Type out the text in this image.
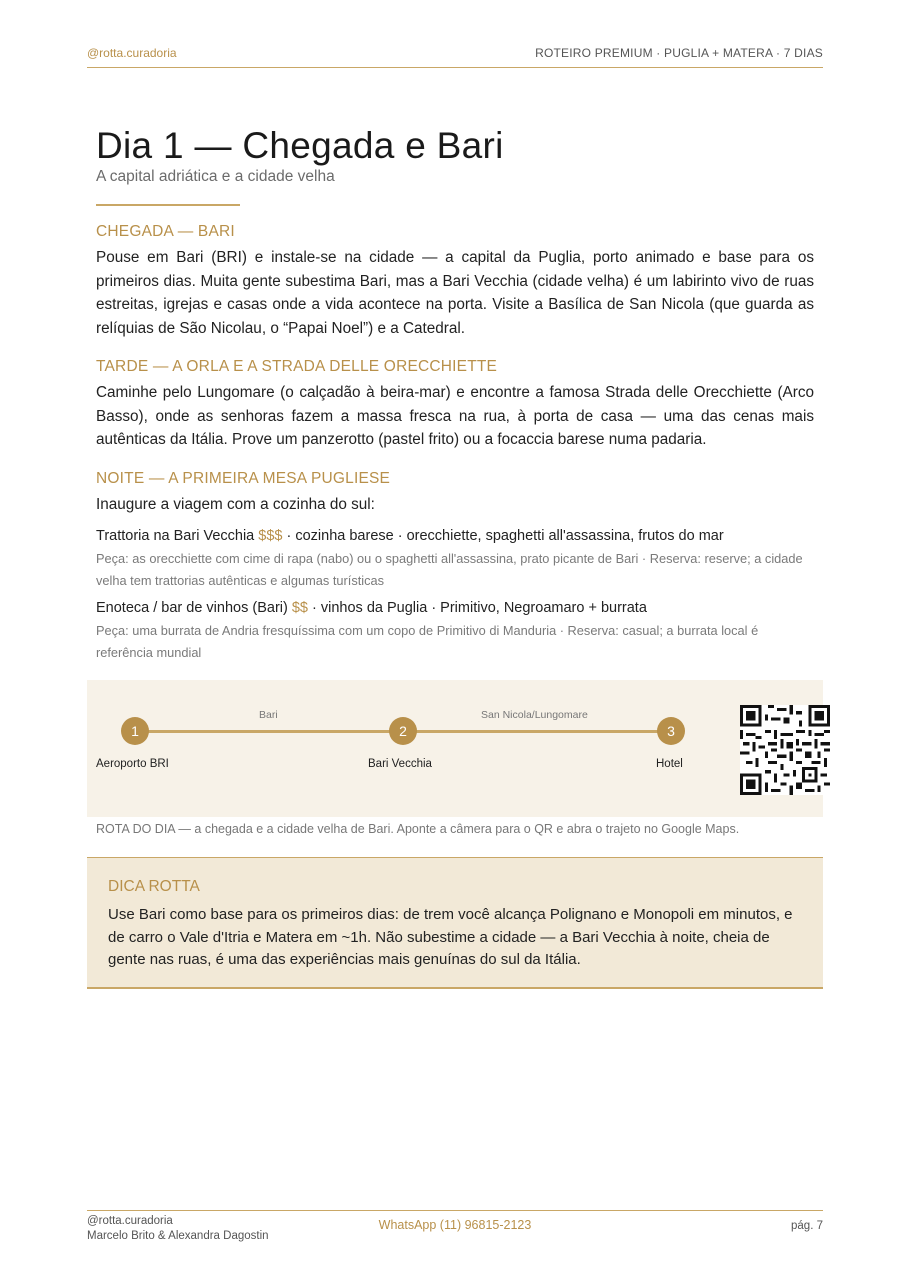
@rotta.curadoria	ROTEIRO PREMIUM · PUGLIA + MATERA · 7 DIAS
Dia 1 — Chegada e Bari
A capital adriática e a cidade velha
CHEGADA — BARI

Pouse em Bari (BRI) e instale-se na cidade — a capital da Puglia, porto animado e base para os primeiros dias. Muita gente subestima Bari, mas a Bari Vecchia (cidade velha) é um labirinto vivo de ruas estreitas, igrejas e casas onde a vida acontece na porta. Visite a Basílica de San Nicola (que guarda as relíquias de São Nicolau, o “Papai Noel”) e a Catedral.

TARDE — A ORLA E A STRADA DELLE ORECCHIETTE

Caminhe pelo Lungomare (o calçadão à beira-mar) e encontre a famosa Strada delle Orecchiette (Arco Basso), onde as senhoras fazem a massa fresca na rua, à porta de casa — uma das cenas mais autênticas da Itália. Prove um panzerotto (pastel frito) ou a focaccia barese numa padaria.

NOITE — A PRIMEIRA MESA PUGLIESE

Inaugure a viagem com a cozinha do sul:

Trattoria na Bari Vecchia $$$ · cozinha barese · orecchiette, spaghetti all'assassina, frutos do mar
Peça: as orecchiette com cime di rapa (nabo) ou o spaghetti all'assassina, prato picante de Bari · Reserva: reserve; a cidade velha tem trattorias autênticas e algumas turísticas
Enoteca / bar de vinhos (Bari) $$ · vinhos da Puglia · Primitivo, Negroamaro + burrata
Peça: uma burrata de Andria fresquíssima com um copo de Primitivo di Manduria · Reserva: casual; a burrata local é referência mundial
Bari	San Nicola/Lungomare
1	2	3
Aeroporto BRI	Bari Vecchia	Hotel
ROTA DO DIA — a chegada e a cidade velha de Bari. Aponte a câmera para o QR e abra o trajeto no Google Maps.
DICA ROTTA
Use Bari como base para os primeiros dias: de trem você alcança Polignano e Monopoli em minutos, e de carro o Vale d'Itria e Matera em ~1h. Não subestime a cidade — a Bari Vecchia à noite, cheia de gente nas ruas, é uma das experiências mais genuínas do sul da Itália.
@rotta.curadoria
Marcelo Brito & Alexandra Dagostin
WhatsApp (11) 96815-2123	pág. 7
